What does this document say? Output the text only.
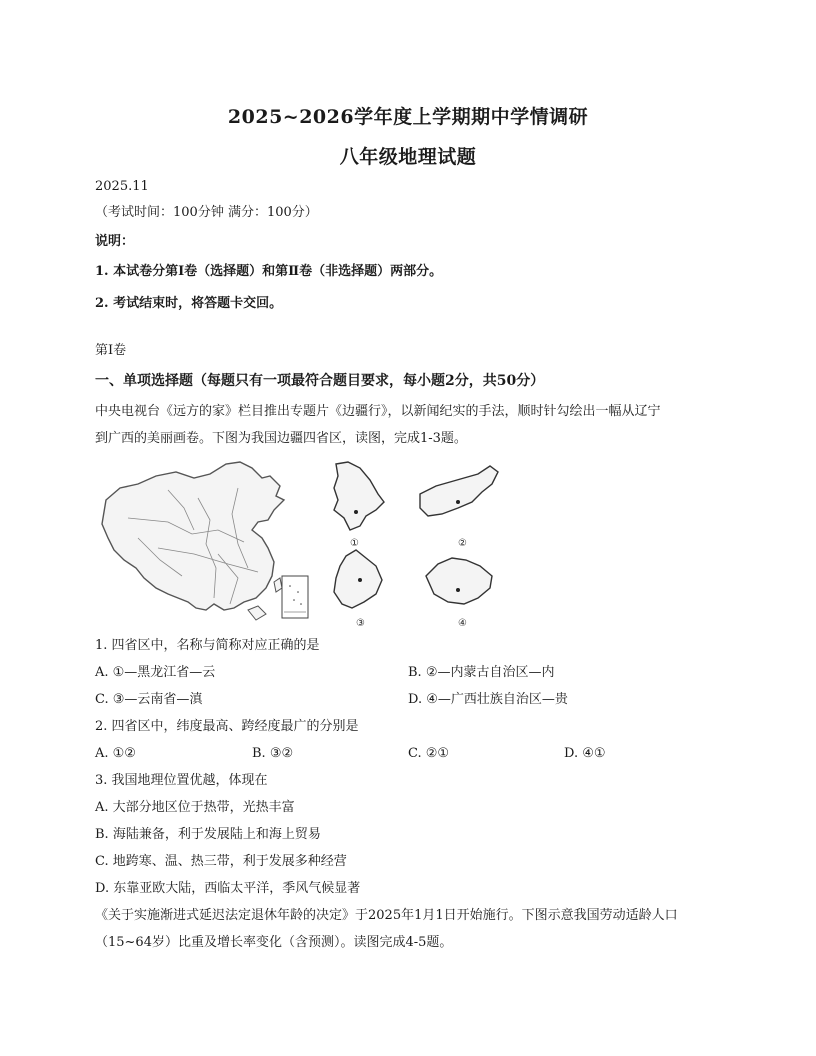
2025~2026学年度上学期期中学情调研
八年级地理试题
2025.11
（考试时间：100分钟 满分：100分）
说明：
1. 本试卷分第Ⅰ卷（选择题）和第Ⅱ卷（非选择题）两部分。
2. 考试结束时，将答题卡交回。
第Ⅰ卷
一、单项选择题（每题只有一项最符合题目要求，每小题2分，共50分）
中央电视台《远方的家》栏目推出专题片《边疆行》，以新闻纪实的手法，顺时针勾绘出一幅从辽宁
到广西的美丽画卷。下图为我国边疆四省区，读图，完成1-3题。
①	②
③	④
1. 四省区中，名称与简称对应正确的是
A. ①—黑龙江省—云	B. ②—内蒙古自治区—内
C. ③—云南省—滇	D. ④—广西壮族自治区—贵
2. 四省区中，纬度最高、跨经度最广的分别是
A. ①②	B. ③②	C. ②①	D. ④①
3. 我国地理位置优越，体现在
A. 大部分地区位于热带，光热丰富
B. 海陆兼备，利于发展陆上和海上贸易
C. 地跨寒、温、热三带，利于发展多种经营
D. 东靠亚欧大陆，西临太平洋，季风气候显著
《关于实施渐进式延迟法定退休年龄的决定》于2025年1月1日开始施行。下图示意我国劳动适龄人口
（15~64岁）比重及增长率变化（含预测）。读图完成4-5题。
